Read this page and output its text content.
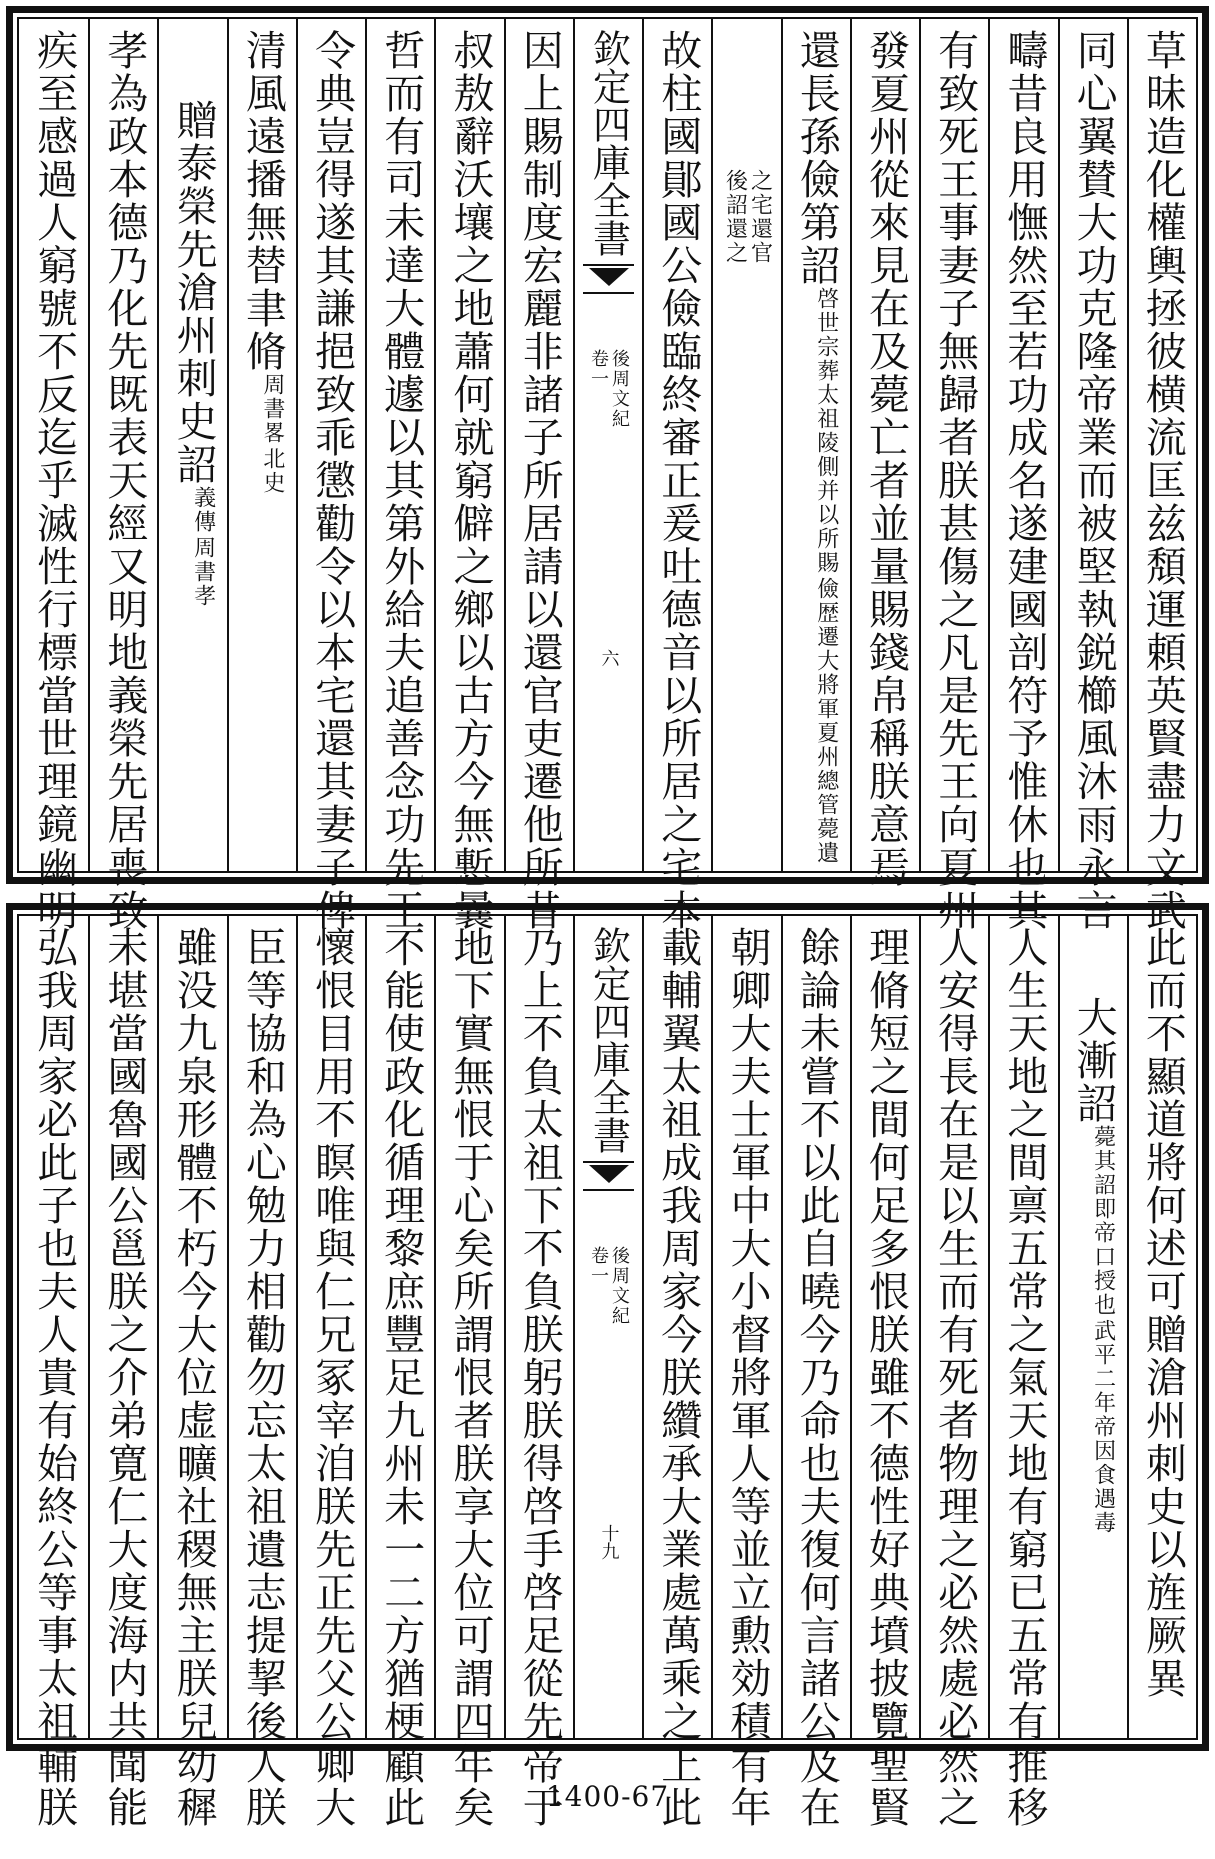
草昧造化權輿拯彼横流匡兹頽運頼英賢盡力文武
同心翼賛大功克隆帝業而被堅執鋭櫛風沐雨永言
疇昔良用憮然至若功成名遂建國剖符予惟休也其
有致死王事妻子無歸者朕甚傷之凡是先王向夏州
發夏州從來見在及薨亡者並量賜錢帛稱朕意焉
還長孫儉第詔
儉歴遷大將軍夏州總管薨遺
啓世宗葬太祖陵側并以所賜
之宅還官
後詔還之
故柱國鄖國公儉臨終審正爰吐德音以所居之宅本
欽定四庫全書
後周文紀
卷一
六
因上賜制度宏麗非諸子所居請以還官吏遷他所昔
叔敖辭沃壤之地蕭何就窮僻之鄉以古方今無慙曩
哲而有司未達大體遽以其第外給夫追善念功先王
令典豈得遂其謙挹致乖懲勸令以本宅還其妻子俾
清風遠播無替聿脩
北史
周書畧
贈泰榮先滄州刺史詔
周書孝
義傳
孝為政本德乃化先既表天經又明地義榮先居喪致
疾至感過人窮號不反迄乎滅性行標當世理鏡幽明
此而不顯道將何述可贈滄州刺史以旌厥異
大漸詔
武平二年帝因食遇毒
薨其詔即帝口授也
人生天地之間禀五常之氣天地有窮已五常有推移
人安得長在是以生而有死者物理之必然處必然之
理脩短之間何足多恨朕雖不德性好典墳披覽聖賢
餘論未嘗不以此自曉今乃命也夫復何言諸公及在
朝卿大夫士軍中大小督將軍人等並立勲効積有年
載輔翼太祖成我周家今朕纘承大業處萬乘之上此
欽定四庫全書
後周文紀
卷一
十九
乃上不負太祖下不負朕躬朕得啓手啓足從先帝于
地下實無恨于心矣所謂恨者朕享大位可謂四年矣
不能使政化循理黎庶豐足九州未一二方猶梗顧此
懷恨目用不瞑唯與仁兄冢宰洎朕先正先父公卿大
臣等協和為心勉力相勸勿忘太祖遺志提挈後人朕
雖没九泉形體不朽今大位虚曠社稷無主朕兒幼穉
未堪當國魯國公邕朕之介弟寛仁大度海内共聞能
弘我周家必此子也夫人貴有始終公等事太祖輔朕	1400-67
